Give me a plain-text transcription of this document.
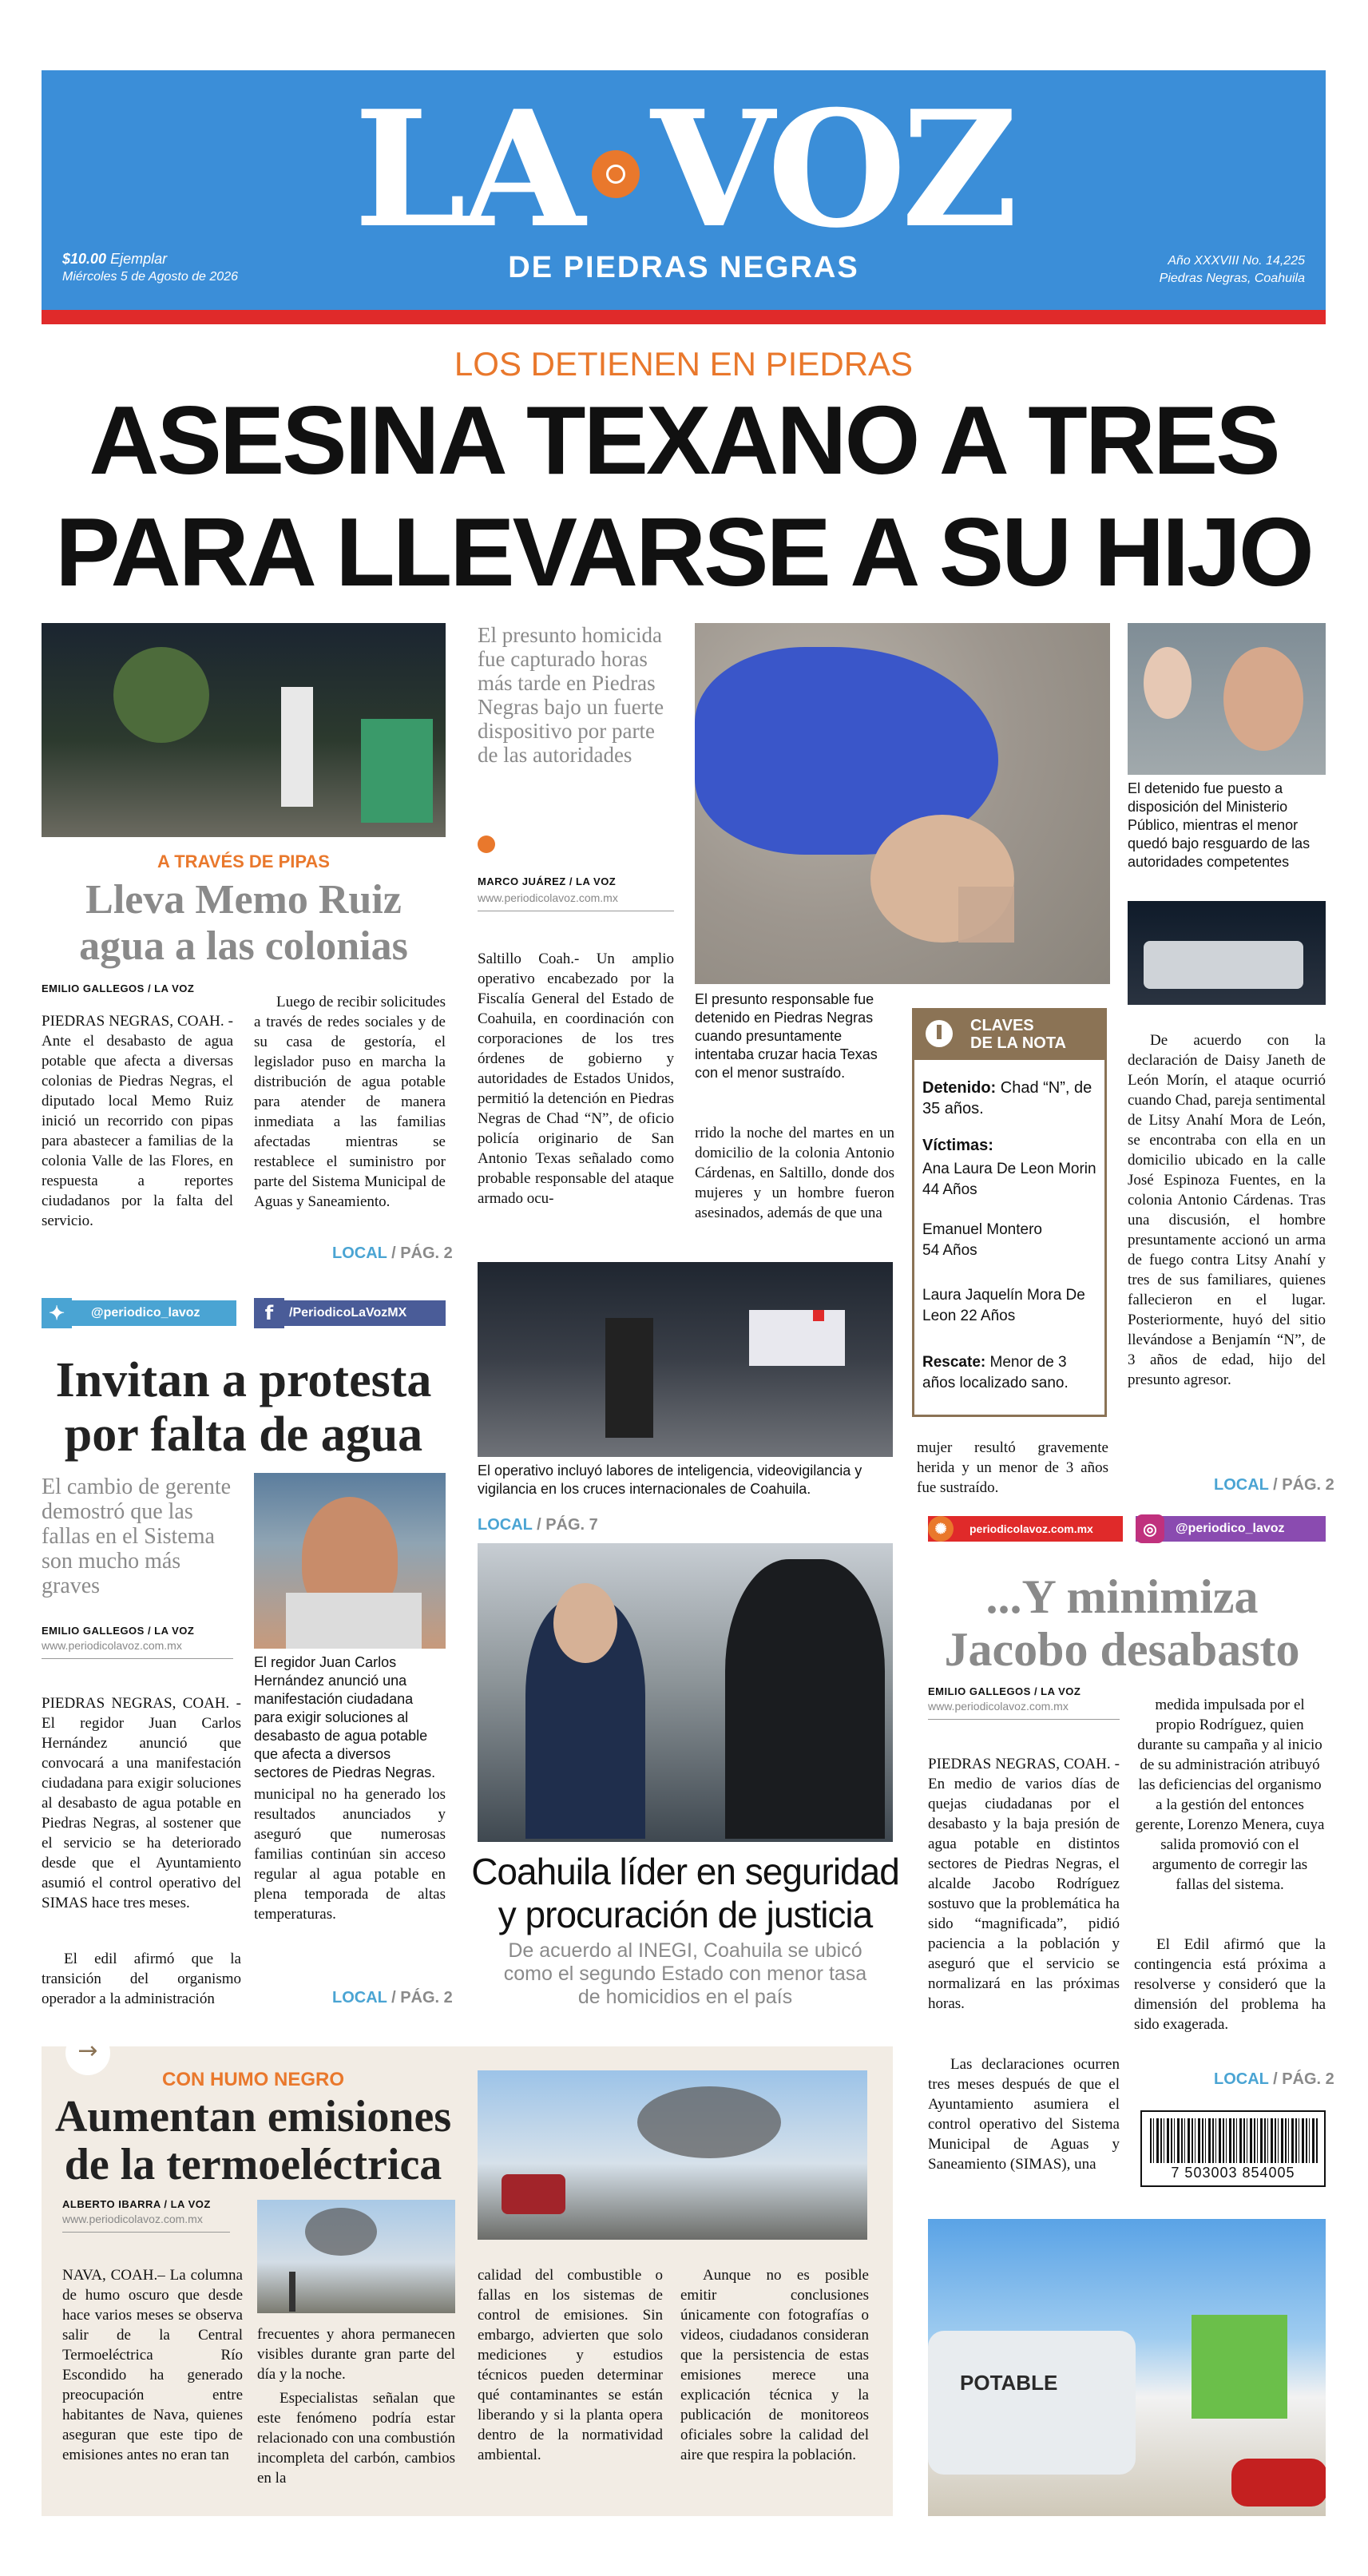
LA VOZ
DE PIEDRAS NEGRAS
$10.00 Ejemplar
Miércoles 5 de Agosto de 2026
Año XXXVIII No. 14,225
Piedras Negras, Coahuila
LOS DETIENEN EN PIEDRAS
ASESINA TEXANO A TRES
PARA LLEVARSE A SU HIJO
A TRAVÉS DE PIPAS
Lleva Memo Ruiz agua a las colonias
EMILIO GALLEGOS / LA VOZ
PIEDRAS NEGRAS, COAH. - Ante el desabasto de agua potable que afecta a diversas colonias de Piedras Negras, el diputado local Memo Ruiz inició un recorrido con pipas para abastecer a familias de la colonia Valle de las Flores, en respuesta a reportes ciudadanos por la falta del servicio.
Luego de recibir solicitudes a través de redes sociales y de su casa de gestoría, el legislador puso en marcha la distribución de agua potable para atender de manera inmediata a las familias afectadas mientras se restablece el suministro por parte del Sistema Municipal de Aguas y Saneamiento.
LOCAL / PÁG. 2
✦	@periodico_lavoz	f	/PeriodicoLaVozMX
Invitan a protesta por falta de agua
El cambio de gerente demostró que las fallas en el Sistema son mucho más graves
EMILIO GALLEGOS / LA VOZ
www.periodicolavoz.com.mx
El regidor Juan Carlos Hernández anunció una manifestación ciudadana para exigir soluciones al desabasto de agua potable que afecta a diversos sectores de Piedras Negras.
PIEDRAS NEGRAS, COAH. - El regidor Juan Carlos Hernández anunció que convocará a una manifestación ciudadana para exigir soluciones al desabasto de agua potable en Piedras Negras, al sostener que el servicio se ha deteriorado desde que el Ayuntamiento asumió el control operativo del SIMAS hace tres meses.
El edil afirmó que la transición del organismo operador a la administración
municipal no ha generado los resultados anunciados y aseguró que numerosas familias continúan sin acceso regular al agua potable en plena temporada de altas temperaturas.
LOCAL / PÁG. 2
El presunto homicida fue capturado horas más tarde en Piedras Negras bajo un fuerte dispositivo por parte de las autoridades
MARCO JUÁREZ / LA VOZ
www.periodicolavoz.com.mx
Saltillo Coah.- Un amplio operativo encabezado por la Fiscalía General del Estado de Coahuila, en coordinación con corporaciones de los tres órdenes de gobierno y autoridades de Estados Unidos, permitió la detención en Piedras Negras de Chad “N”, de oficio policía originario de San Antonio Texas señalado como probable responsable del ataque armado ocu-
El presunto responsable fue detenido en Piedras Negras cuando presuntamente intentaba cruzar hacia Texas con el menor sustraído.
rrido la noche del martes en un domicilio de la colonia Antonio Cárdenas, en Saltillo, donde dos mujeres y un hombre fueron asesinados, además de que una
CLAVES
DE LA NOTA
Detenido: Chad “N”, de 35 años.
Víctimas:
Ana Laura De Leon Morin 44 Años
Emanuel Montero 54 Años
Laura Jaquelín Mora De Leon 22 Años
Rescate: Menor de 3 años localizado sano.
El operativo incluyó labores de inteligencia, videovigilancia y vigilancia en los cruces internacionales de Coahuila.
mujer resultó gravemente herida y un menor de 3 años fue sustraído.
El detenido fue puesto a disposición del Ministerio Público, mientras el menor quedó bajo resguardo de las autoridades competentes
De acuerdo con la declaración de Daisy Janeth de León Morín, el ataque ocurrió cuando Chad, pareja sentimental de Litsy Anahí Mora de León, se encontraba con ella en un domicilio ubicado en la calle José Espinoza Fuentes, en la colonia Antonio Cárdenas. Tras una discusión, el hombre presuntamente accionó un arma de fuego contra Litsy Anahí y tres de sus familiares, quienes fallecieron en el lugar. Posteriormente, huyó del sitio llevándose a Benjamín “N”, de 3 años de edad, hijo del presunto agresor.
LOCAL / PÁG. 2
✺	periodicolavoz.com.mx	◎	@periodico_lavoz
LOCAL / PÁG. 7
Coahuila líder en seguridad y procuración de justicia
De acuerdo al INEGI, Coahuila se ubicó como el segundo Estado con menor tasa de homicidios en el país
...Y minimiza Jacobo desabasto
EMILIO GALLEGOS / LA VOZ
www.periodicolavoz.com.mx
PIEDRAS NEGRAS, COAH. - En medio de varios días de quejas ciudadanas por el desabasto y la baja presión de agua potable en distintos sectores de Piedras Negras, el alcalde Jacobo Rodríguez sostuvo que la problemática ha sido “magnificada”, pidió paciencia a la población y aseguró que el servicio se normalizará en las próximas horas.
Las declaraciones ocurren tres meses después de que el Ayuntamiento asumiera el control operativo del Sistema Municipal de Aguas y Saneamiento (SIMAS), una
medida impulsada por el propio Rodríguez, quien durante su campaña y al inicio de su administración atribuyó las deficiencias del organismo a la gestión del entonces gerente, Lorenzo Menera, cuya salida promovió con el argumento de corregir las fallas del sistema.
El Edil afirmó que la contingencia está próxima a resolverse y consideró que la dimensión del problema ha sido exagerada.
LOCAL / PÁG. 2
7 503003 854005
POTABLE
→
CON HUMO NEGRO
Aumentan emisiones de la termoeléctrica
ALBERTO IBARRA / LA VOZ
www.periodicolavoz.com.mx
NAVA, COAH.– La columna de humo oscuro que desde hace varios meses se observa salir de la Central Termoeléctrica Río Escondido ha generado preocupación entre habitantes de Nava, quienes aseguran que este tipo de emisiones antes no eran tan
frecuentes y ahora permanecen visibles durante gran parte del día y la noche.
Especialistas señalan que este fenómeno podría estar relacionado con una combustión incompleta del carbón, cambios en la
calidad del combustible o fallas en los sistemas de control de emisiones. Sin embargo, advierten que solo mediciones y estudios técnicos pueden determinar qué contaminantes se están liberando y si la planta opera dentro de la normatividad ambiental.
Aunque no es posible emitir conclusiones únicamente con fotografías o videos, ciudadanos consideran que la persistencia de estas emisiones merece una explicación técnica y la publicación de monitoreos oficiales sobre la calidad del aire que respira la población.
